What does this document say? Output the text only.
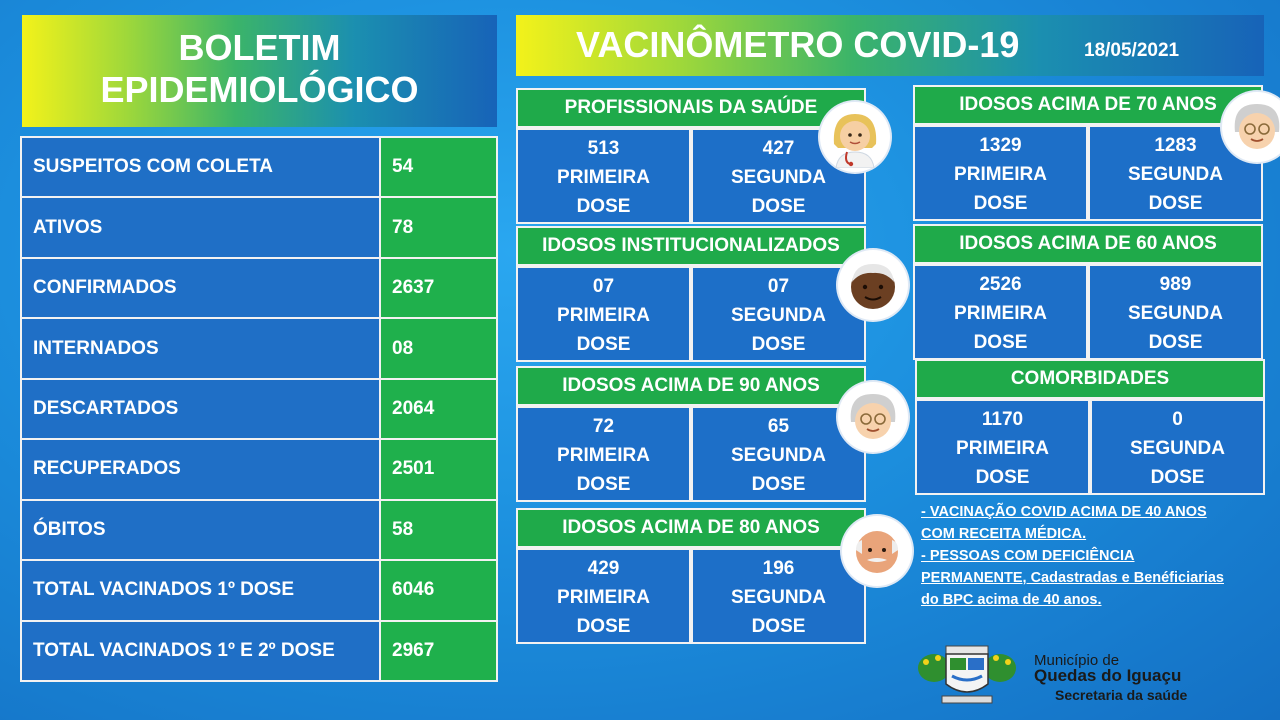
BOLETIM
EPIDEMIOLÓGICO
VACINÔMETRO COVID-19	18/05/2021
SUSPEITOS COM COLETA	54
ATIVOS	78
CONFIRMADOS	2637
INTERNADOS	08
DESCARTADOS	2064
RECUPERADOS	2501
ÓBITOS	58
TOTAL VACINADOS 1º DOSE	6046
TOTAL VACINADOS 1º E 2º DOSE	2967
PROFISSIONAIS DA SAÚDE
513
PRIMEIRA
DOSE
427
SEGUNDA
DOSE
IDOSOS INSTITUCIONALIZADOS
07
PRIMEIRA
DOSE
07
SEGUNDA
DOSE
IDOSOS ACIMA DE 90 ANOS
72
PRIMEIRA
DOSE
65
SEGUNDA
DOSE
IDOSOS ACIMA DE 80 ANOS
429
PRIMEIRA
DOSE
196
SEGUNDA
DOSE
IDOSOS ACIMA DE 70 ANOS
1329
PRIMEIRA
DOSE
1283
SEGUNDA
DOSE
IDOSOS ACIMA DE 60 ANOS
2526
PRIMEIRA
DOSE
989
SEGUNDA
DOSE
COMORBIDADES
1170
PRIMEIRA
DOSE
0
SEGUNDA
DOSE
- VACINAÇÃO COVID ACIMA DE 40 ANOS
COM RECEITA MÉDICA.
- PESSOAS COM DEFICIÊNCIA
PERMANENTE, Cadastradas e Benéficiarias
do BPC acima de 40 anos.
Município de
Quedas do Iguaçu
Secretaria da saúde
